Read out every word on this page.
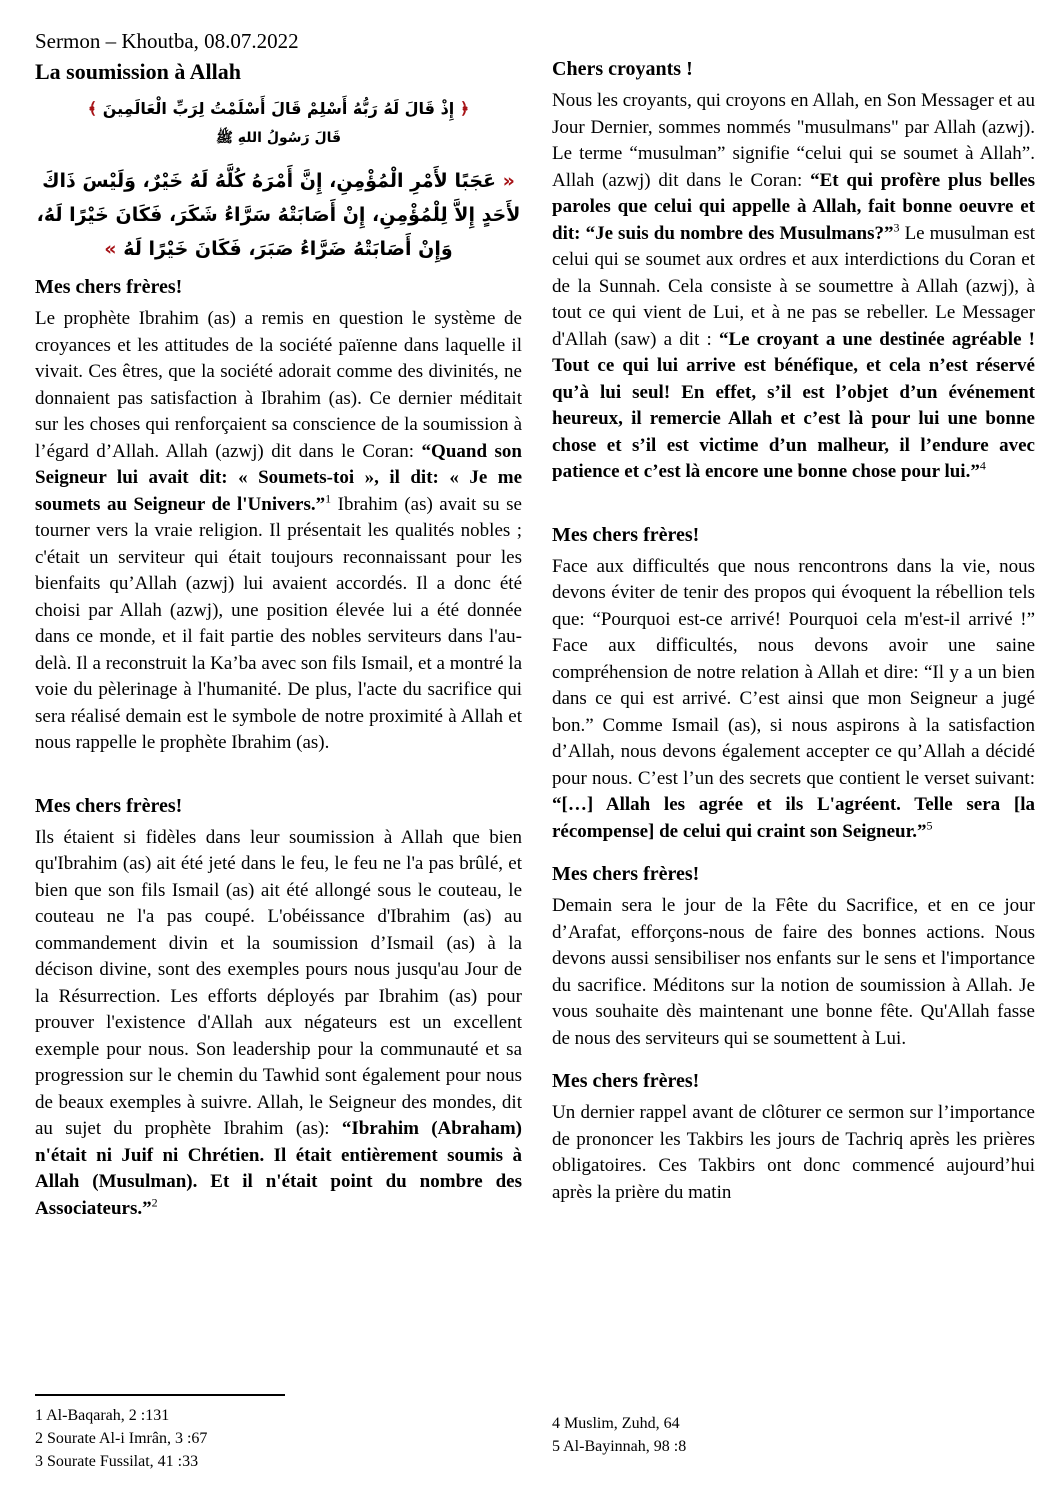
Sermon – Khoutba, 08.07.2022
La soumission à Allah

﴿ إِذْ قَالَ لَهُ رَبُّهُ أَسْلِمْ قَالَ أَسْلَمْتُ لِرَبِّ الْعَالَمِينَ ﴾

قَالَ رَسُولُ اللهِ ﷺ

« عَجَبًا لأَمْرِ الْمُؤْمِنِ، إِنَّ أَمْرَهُ كُلَّهُ لَهُ خَيْرٌ، وَلَيْسَ ذَاكَ لأَحَدٍ إِلاَّ لِلْمُؤْمِنِ، إِنْ أَصَابَتْهُ سَرَّاءُ شَكَرَ، فَكَانَ خَيْرًا لَهُ، وَإِنْ أَصَابَتْهُ ضَرَّاءُ صَبَرَ، فَكَانَ خَيْرًا لَهُ »

Mes chers frères!

Le prophète Ibrahim (as) a remis en question le système de croyances et les attitudes de la société païenne dans laquelle il vivait. Ces êtres, que la société adorait comme des divinités, ne donnaient pas satisfaction à Ibrahim (as). Ce dernier méditait sur les choses qui renforçaient sa conscience de la soumission à l’égard d’Allah. Allah (azwj) dit dans le Coran: “Quand son Seigneur lui avait dit: « Soumets-toi », il dit: « Je me soumets au Seigneur de l'Univers.”$^1$ Ibrahim (as) avait su se tourner vers la vraie religion. Il présentait les qualités nobles ; c'était un serviteur qui était toujours reconnaissant pour les bienfaits qu’Allah (azwj) lui avaient accordés. Il a donc été choisi par Allah (azwj), une position élevée lui a été donnée dans ce monde, et il fait partie des nobles serviteurs dans l'au-delà. Il a reconstruit la Ka’ba avec son fils Ismail, et a montré la voie du pèlerinage à l'humanité. De plus, l'acte du sacrifice qui sera réalisé demain est le symbole de notre proximité à Allah et nous rappelle le prophète Ibrahim (as).

Mes chers frères!

Ils étaient si fidèles dans leur soumission à Allah que bien qu'Ibrahim (as) ait été jeté dans le feu, le feu ne l'a pas brûlé, et bien que son fils Ismail (as) ait été allongé sous le couteau, le couteau ne l'a pas coupé. L'obéissance d'Ibrahim (as) au commandement divin et la soumission d’Ismail (as) à la décison divine, sont des exemples pours nous jusqu'au Jour de la Résurrection. Les efforts déployés par Ibrahim (as) pour prouver l'existence d'Allah aux négateurs est un excellent exemple pour nous. Son leadership pour la communauté et sa progression sur le chemin du Tawhid sont également pour nous de beaux exemples à suivre. Allah, le Seigneur des mondes, dit au sujet du prophète Ibrahim (as): “Ibrahim (Abraham) n'était ni Juif ni Chrétien. Il était entièrement soumis à Allah (Musulman). Et il n'était point du nombre des Associateurs.”$^2$

Chers croyants !

Nous les croyants, qui croyons en Allah, en Son Messager et au Jour Dernier, sommes nommés "musulmans" par Allah (azwj). Le terme “musulman” signifie “celui qui se soumet à Allah”. Allah (azwj) dit dans le Coran: “Et qui profère plus belles paroles que celui qui appelle à Allah, fait bonne oeuvre et dit: “Je suis du nombre des Musulmans?”$^3$ Le musulman est celui qui se soumet aux ordres et aux interdictions du Coran et de la Sunnah. Cela consiste à se soumettre à Allah (azwj), à tout ce qui vient de Lui, et à ne pas se rebeller. Le Messager d'Allah (saw) a dit : “Le croyant a une destinée agréable ! Tout ce qui lui arrive est bénéfique, et cela n’est réservé qu’à lui seul! En effet, s’il est l’objet d’un événement heureux, il remercie Allah et c’est là pour lui une bonne chose et s’il est victime d’un malheur, il l’endure avec patience et c’est là encore une bonne chose pour lui.”$^4$

Mes chers frères!

Face aux difficultés que nous rencontrons dans la vie, nous devons éviter de tenir des propos qui évoquent la rébellion tels que: “Pourquoi est-ce arrivé! Pourquoi cela m'est-il arrivé !” Face aux difficultés, nous devons avoir une saine compréhension de notre relation à Allah et dire: “Il y a un bien dans ce qui est arrivé. C’est ainsi que mon Seigneur a jugé bon.” Comme Ismail (as), si nous aspirons à la satisfaction d’Allah, nous devons également accepter ce qu’Allah a décidé pour nous. C’est l’un des secrets que contient le verset suivant: “[…] Allah les agrée et ils L'agréent. Telle sera [la récompense] de celui qui craint son Seigneur.”$^5$

Mes chers frères!

Demain sera le jour de la Fête du Sacrifice, et en ce jour d’Arafat, efforçons-nous de faire des bonnes actions. Nous devons aussi sensibiliser nos enfants sur le sens et l'importance du sacrifice. Méditons sur la notion de soumission à Allah. Je vous souhaite dès maintenant une bonne fête. Qu'Allah fasse de nous des serviteurs qui se soumettent à Lui.

Mes chers frères!

Un dernier rappel avant de clôturer ce sermon sur l’importance de prononcer les Takbirs les jours de Tachriq après les prières obligatoires. Ces Takbirs ont donc commencé aujourd’hui après la prière du matin

1 Al-Baqarah, 2 :131
2 Sourate Al-i Imrân, 3 :67
3 Sourate Fussilat, 41 :33
4 Muslim, Zuhd, 64
5 Al-Bayinnah, 98 :8
